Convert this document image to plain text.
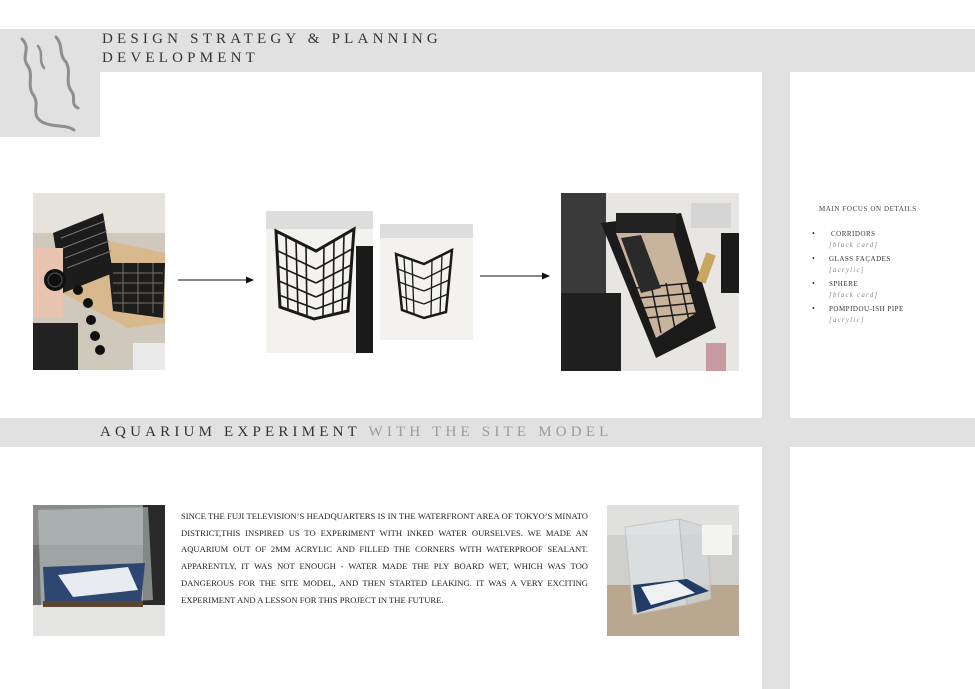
DESIGN STRATEGY & PLANNING
DEVELOPMENT
MAIN FOCUS ON DETAILS
• CORRIDORS
[black card]
• GLASS FAÇADES
[acrylic]
• SPHERE
[black card]
• POMPIDOU-ISH PIPE
[acrylic]
AQUARIUM EXPERIMENT WITH THE SITE MODEL
SINCE THE FUJI TELEVISION’S HEADQUARTERS IS IN THE WATERFRONT AREA OF TOKYO’S MINATO DISTRICT,THIS INSPIRED US TO EXPERIMENT WITH INKED WATER OURSELVES. WE MADE AN AQUARIUM OUT OF 2MM ACRYLIC AND FILLED THE CORNERS WITH WATERPROOF SEALANT. APPARENTLY, IT WAS NOT ENOUGH - WATER MADE THE PLY BOARD WET, WHICH WAS TOO DANGEROUS FOR THE SITE MODEL, AND THEN STARTED LEAKING. IT WAS A VERY EXCITING EXPERIMENT AND A LESSON FOR THIS PROJECT IN THE FUTURE.
